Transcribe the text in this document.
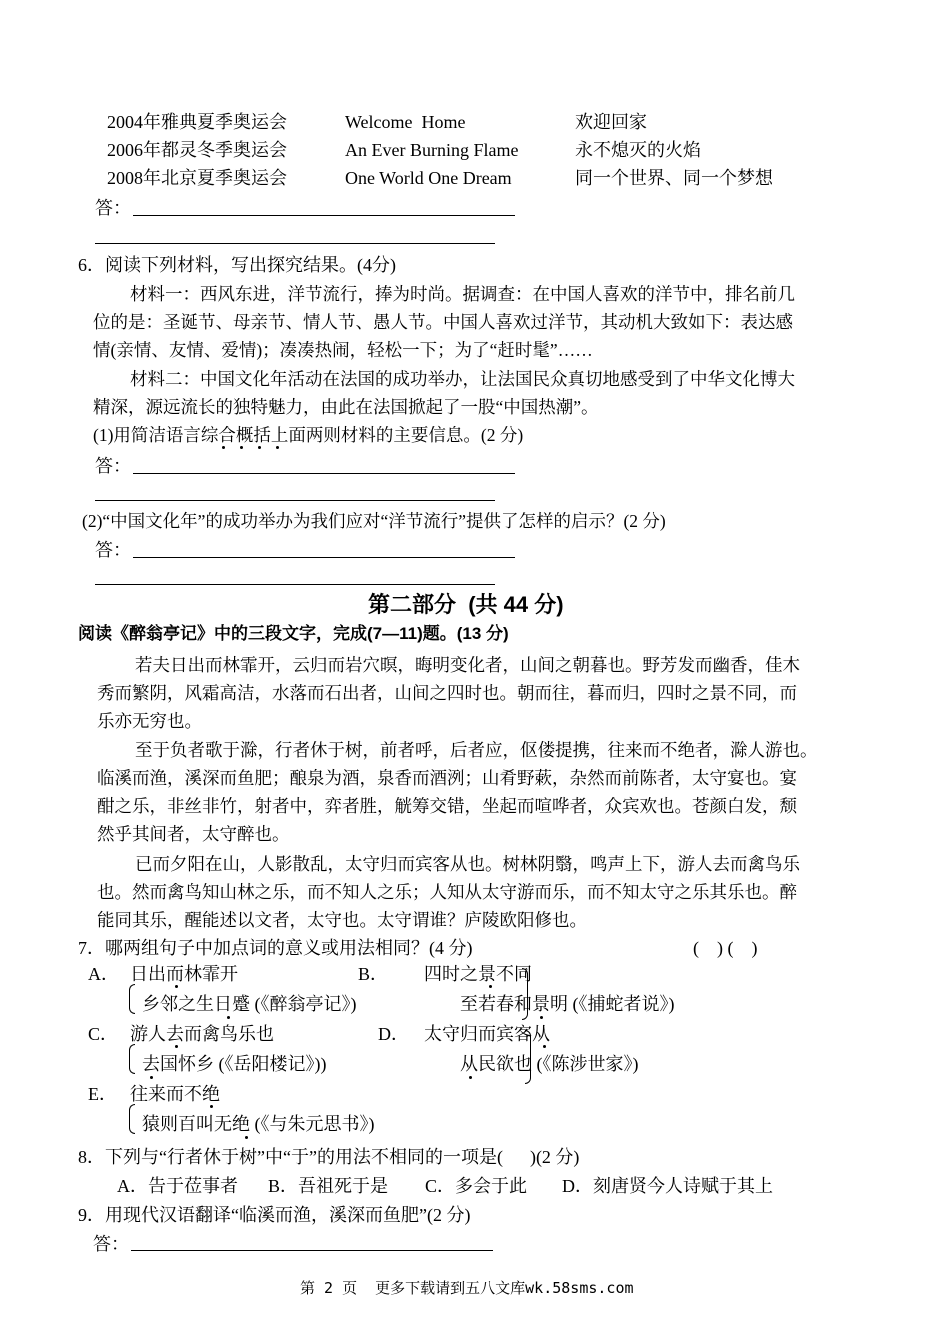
2004年雅典夏季奥运会	Welcome  Home	欢迎回家
2006年都灵冬季奥运会	An Ever Burning Flame	永不熄灭的火焰
2008年北京夏季奥运会	One World One Dream	同一个世界、同一个梦想
答：
6．阅读下列材料，写出探究结果。(4分)
材料一：西风东进，洋节流行，捧为时尚。据调查：在中国人喜欢的洋节中，排名前几
位的是：圣诞节、母亲节、情人节、愚人节。中国人喜欢过洋节，其动机大致如下：表达感
情(亲情、友情、爱情)；凑凑热闹，轻松一下；为了“赶时髦”……
材料二：中国文化年活动在法国的成功举办，让法国民众真切地感受到了中华文化博大
精深，源远流长的独特魅力，由此在法国掀起了一股“中国热潮”。
(1)用简洁语言综合概括上面两则材料的主要信息。(2 分)
答：
(2)“中国文化年”的成功举办为我们应对“洋节流行”提供了怎样的启示？(2 分)
答：
第二部分  (共 44 分)
阅读《醉翁亭记》中的三段文字，完成(7—11)题。(13 分)
若夫日出而林霏开，云归而岩穴暝，晦明变化者，山间之朝暮也。野芳发而幽香，佳木
秀而繁阴，风霜高洁，水落而石出者，山间之四时也。朝而往，暮而归，四时之景不同，而
乐亦无穷也。
至于负者歌于滁，行者休于树，前者呼，后者应，伛偻提携，往来而不绝者，滁人游也。
临溪而渔，溪深而鱼肥；酿泉为酒，泉香而酒洌；山肴野蔌，杂然而前陈者，太守宴也。宴
酣之乐，非丝非竹，射者中，弈者胜，觥筹交错，坐起而喧哗者，众宾欢也。苍颜白发，颓
然乎其间者，太守醉也。
已而夕阳在山，人影散乱，太守归而宾客从也。树林阴翳，鸣声上下，游人去而禽鸟乐
也。然而禽鸟知山林之乐，而不知人之乐；人知从太守游而乐，而不知太守之乐其乐也。醉
能同其乐，醒能述以文者，太守也。太守谓谁？庐陵欧阳修也。
7．哪两组句子中加点词的意义或用法相同？(4 分)	(    ) (    )
A． 日出而林霏开
乡邻之生日蹙 (《醉翁亭记》)
B． 四时之景不同
至若春和景明 (《捕蛇者说》)
C． 游人去而禽鸟乐也
去国怀乡 (《岳阳楼记》))
D． 太守归而宾客从
从民欲也 (《陈涉世家》)
E． 往来而不绝
猿则百叫无绝 (《与朱元思书》)
8．下列与“行者休于树”中“于”的用法不相同的一项是(      )(2 分)
A．告于莅事者 B．吾祖死于是 C．多会于此 D．刻唐贤今人诗赋于其上
9．用现代汉语翻译“临溪而渔，溪深而鱼肥”(2 分)
答：
第 2 页  更多下载请到五八文库wk.58sms.com
